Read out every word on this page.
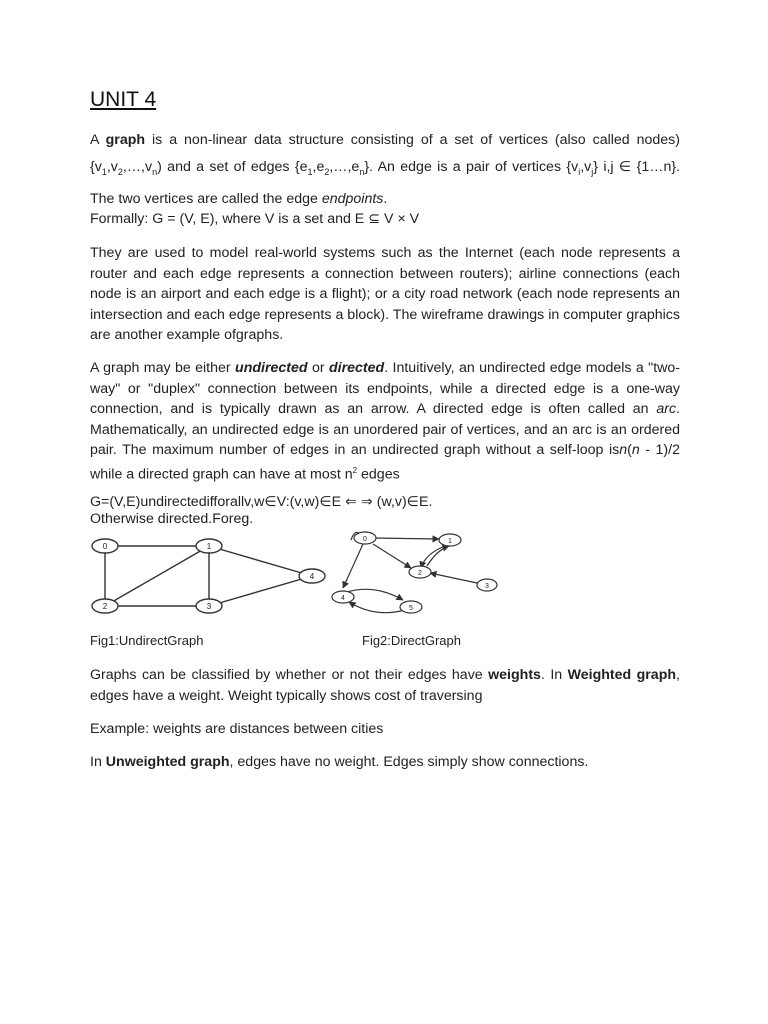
UNIT 4

A graph is a non-linear data structure consisting of a set of vertices (also called nodes) $\{v_1,v_2,\dots,v_n)$ and a set of edges $\{e_1,e_2,\dots,e_n\}$. An edge is a pair of vertices $\{v_i,v_j\}$ i,j ∈ {1…n}. The two vertices are called the edge endpoints.

Formally: G = (V, E), where V is a set and E ⊆ V × V

They are used to model real-world systems such as the Internet (each node represents a router and each edge represents a connection between routers); airline connections (each node is an airport and each edge is a flight); or a city road network (each node represents an intersection and each edge represents a block). The wireframe drawings in computer graphics are another example ofgraphs.

A graph may be either undirected or directed. Intuitively, an undirected edge models a "two- way" or "duplex" connection between its endpoints, while a directed edge is a one-way connection, and is typically drawn as an arrow. A directed edge is often called an arc. Mathematically, an undirected edge is an unordered pair of vertices, and an arc is an ordered pair. The maximum number of edges in an undirected graph without a self-loop isn(n - 1)/2 while a directed graph can have at most $n^2$ edges

G=(V,E)undirectedifforallv,w∈V:(v,w)∈E ⇐ ⇒ (w,v)∈E.
Otherwise directed.Foreg.

0	1
2	3
4
0	1
2
3
4
5
Fig1:UndirectGraph	Fig2:DirectGraph

Graphs can be classified by whether or not their edges have weights. In Weighted graph, edges have a weight. Weight typically shows cost of traversing

Example: weights are distances between cities

In Unweighted graph, edges have no weight. Edges simply show connections.
